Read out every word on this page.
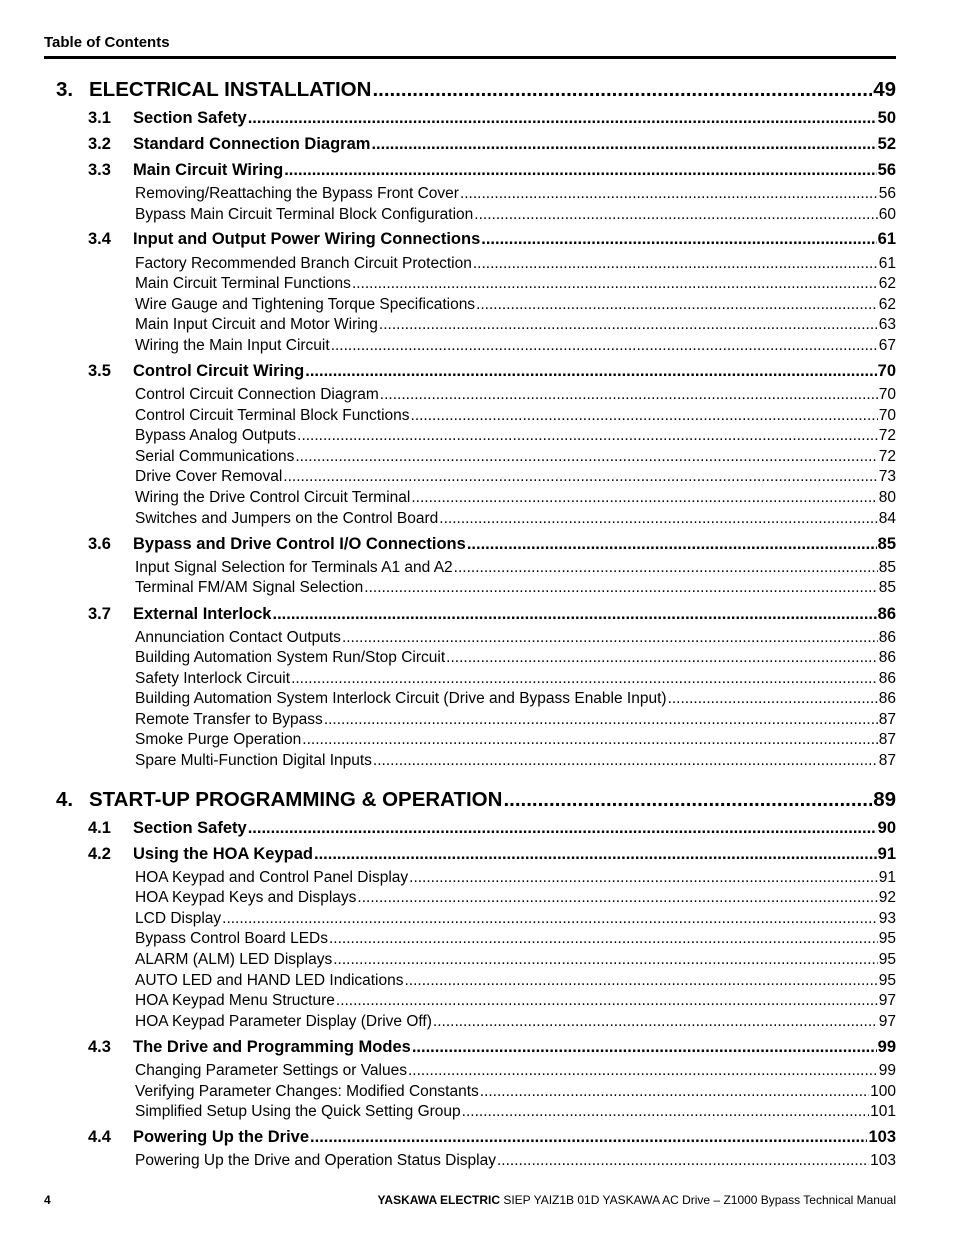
Table of Contents
3. ELECTRICAL INSTALLATION .....	49
3.1	Section Safety .....	50
3.2	Standard Connection Diagram .....	52
3.3	Main Circuit Wiring .....	56
Removing/Reattaching the Bypass Front Cover .....	56
Bypass Main Circuit Terminal Block Configuration .....	60
3.4	Input and Output Power Wiring Connections .....	61
Factory Recommended Branch Circuit Protection .....	61
Main Circuit Terminal Functions .....	62
Wire Gauge and Tightening Torque Specifications .....	62
Main Input Circuit and Motor Wiring .....	63
Wiring the Main Input Circuit .....	67
3.5	Control Circuit Wiring .....	70
Control Circuit Connection Diagram .....	70
Control Circuit Terminal Block Functions .....	70
Bypass Analog Outputs .....	72
Serial Communications .....	72
Drive Cover Removal .....	73
Wiring the Drive Control Circuit Terminal .....	80
Switches and Jumpers on the Control Board .....	84
3.6	Bypass and Drive Control I/O Connections .....	85
Input Signal Selection for Terminals A1 and A2 .....	85
Terminal FM/AM Signal Selection .....	85
3.7	External Interlock .....	86
Annunciation Contact Outputs .....	86
Building Automation System Run/Stop Circuit .....	86
Safety Interlock Circuit .....	86
Building Automation System Interlock Circuit (Drive and Bypass Enable Input) .....	86
Remote Transfer to Bypass .....	87
Smoke Purge Operation .....	87
Spare Multi-Function Digital Inputs .....	87
4. START-UP PROGRAMMING & OPERATION .....	89
4.1	Section Safety .....	90
4.2	Using the HOA Keypad .....	91
HOA Keypad and Control Panel Display .....	91
HOA Keypad Keys and Displays .....	92
LCD Display .....	93
Bypass Control Board LEDs .....	95
ALARM (ALM) LED Displays .....	95
AUTO LED and HAND LED Indications .....	95
HOA Keypad Menu Structure .....	97
HOA Keypad Parameter Display (Drive Off) .....	97
4.3	The Drive and Programming Modes .....	99
Changing Parameter Settings or Values .....	99
Verifying Parameter Changes: Modified Constants .....	100
Simplified Setup Using the Quick Setting Group .....	101
4.4	Powering Up the Drive .....	103
Powering Up the Drive and Operation Status Display .....	103
4	YASKAWA ELECTRIC SIEP YAIZ1B 01D YASKAWA AC Drive – Z1000 Bypass Technical Manual
